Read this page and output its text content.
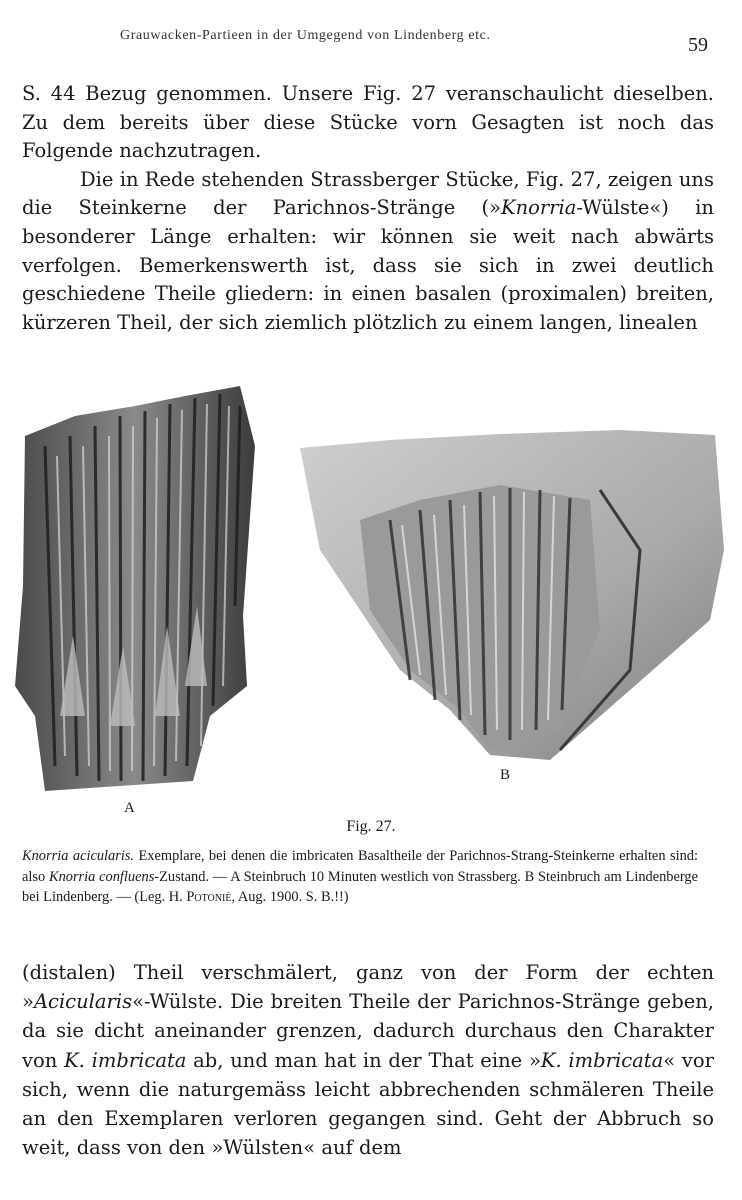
Grauwacken-Partieen in der Umgegend von Lindenberg etc.	59

S. 44 Bezug genommen. Unsere Fig. 27 veranschaulicht dieselben. Zu dem bereits über diese Stücke vorn Gesagten ist noch das Folgende nachzutragen.

Die in Rede stehenden Strassberger Stücke, Fig. 27, zeigen uns die Steinkerne der Parichnos-Stränge (»Knorria-Wülste«) in besonderer Länge erhalten: wir können sie weit nach abwärts verfolgen. Bemerkenswerth ist, dass sie sich in zwei deutlich geschiedene Theile gliedern: in einen basalen (proximalen) breiten, kürzeren Theil, der sich ziemlich plötzlich zu einem langen, linealen

A
B
Fig. 27.
Knorria acicularis. Exemplare, bei denen die imbricaten Basaltheile der Parichnos-Strang-Steinkerne erhalten sind: also Knorria confluens-Zustand. — A Steinbruch 10 Minuten westlich von Strassberg. B Steinbruch am Lindenberge bei Lindenberg. — (Leg. H. Potonié, Aug. 1900. S. B.!!)

(distalen) Theil verschmälert, ganz von der Form der echten »Acicularis«-Wülste. Die breiten Theile der Parichnos-Stränge geben, da sie dicht aneinander grenzen, dadurch durchaus den Charakter von K. imbricata ab, und man hat in der That eine »K. imbricata« vor sich, wenn die naturgemäss leicht abbrechenden schmäleren Theile an den Exemplaren verloren gegangen sind. Geht der Abbruch so weit, dass von den »Wülsten« auf dem
